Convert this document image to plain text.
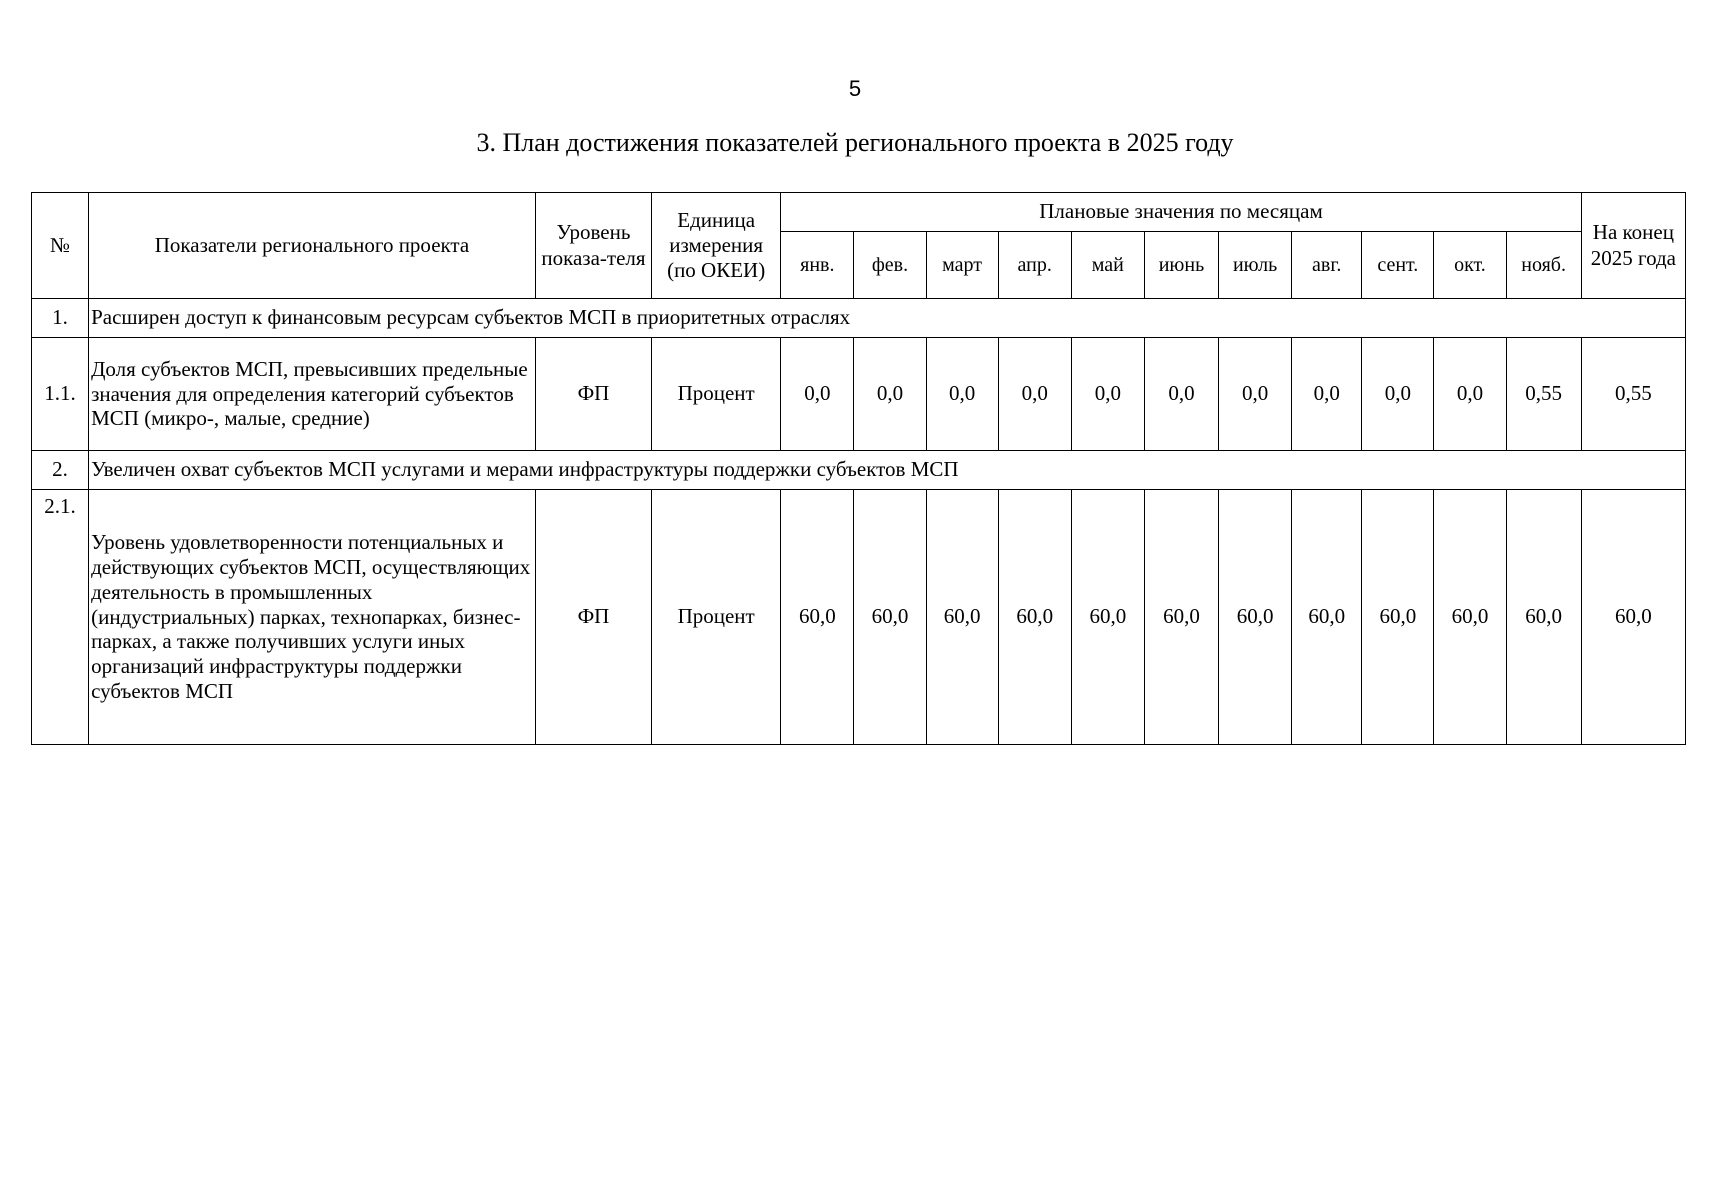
5
3. План достижения показателей регионального проекта в 2025 году
№	Показатели регионального проекта	Уровень показа-теля	Единица измерения (по ОКЕИ)	Плановые значения по месяцам											На конец 2025 года
				янв.	фев.	март	апр.	май	июнь	июль	авг.	сент.	окт.	нояб.	
1.	Расширен доступ к финансовым ресурсам субъектов МСП в приоритетных отраслях														
1.1.	Доля субъектов МСП, превысивших предельные значения для определения категорий субъектов МСП (микро-, малые, средние)	ФП	Процент	0,0	0,0	0,0	0,0	0,0	0,0	0,0	0,0	0,0	0,0	0,55	0,55
2.	Увеличен охват субъектов МСП услугами и мерами инфраструктуры поддержки субъектов МСП														
2.1.	Уровень удовлетворенности потенциальных и действующих субъектов МСП, осуществляющих деятельность в промышленных (индустриальных) парках, технопарках, бизнес-парках, а также получивших услуги иных организаций инфраструктуры поддержки субъектов МСП	ФП	Процент	60,0	60,0	60,0	60,0	60,0	60,0	60,0	60,0	60,0	60,0	60,0	60,0
